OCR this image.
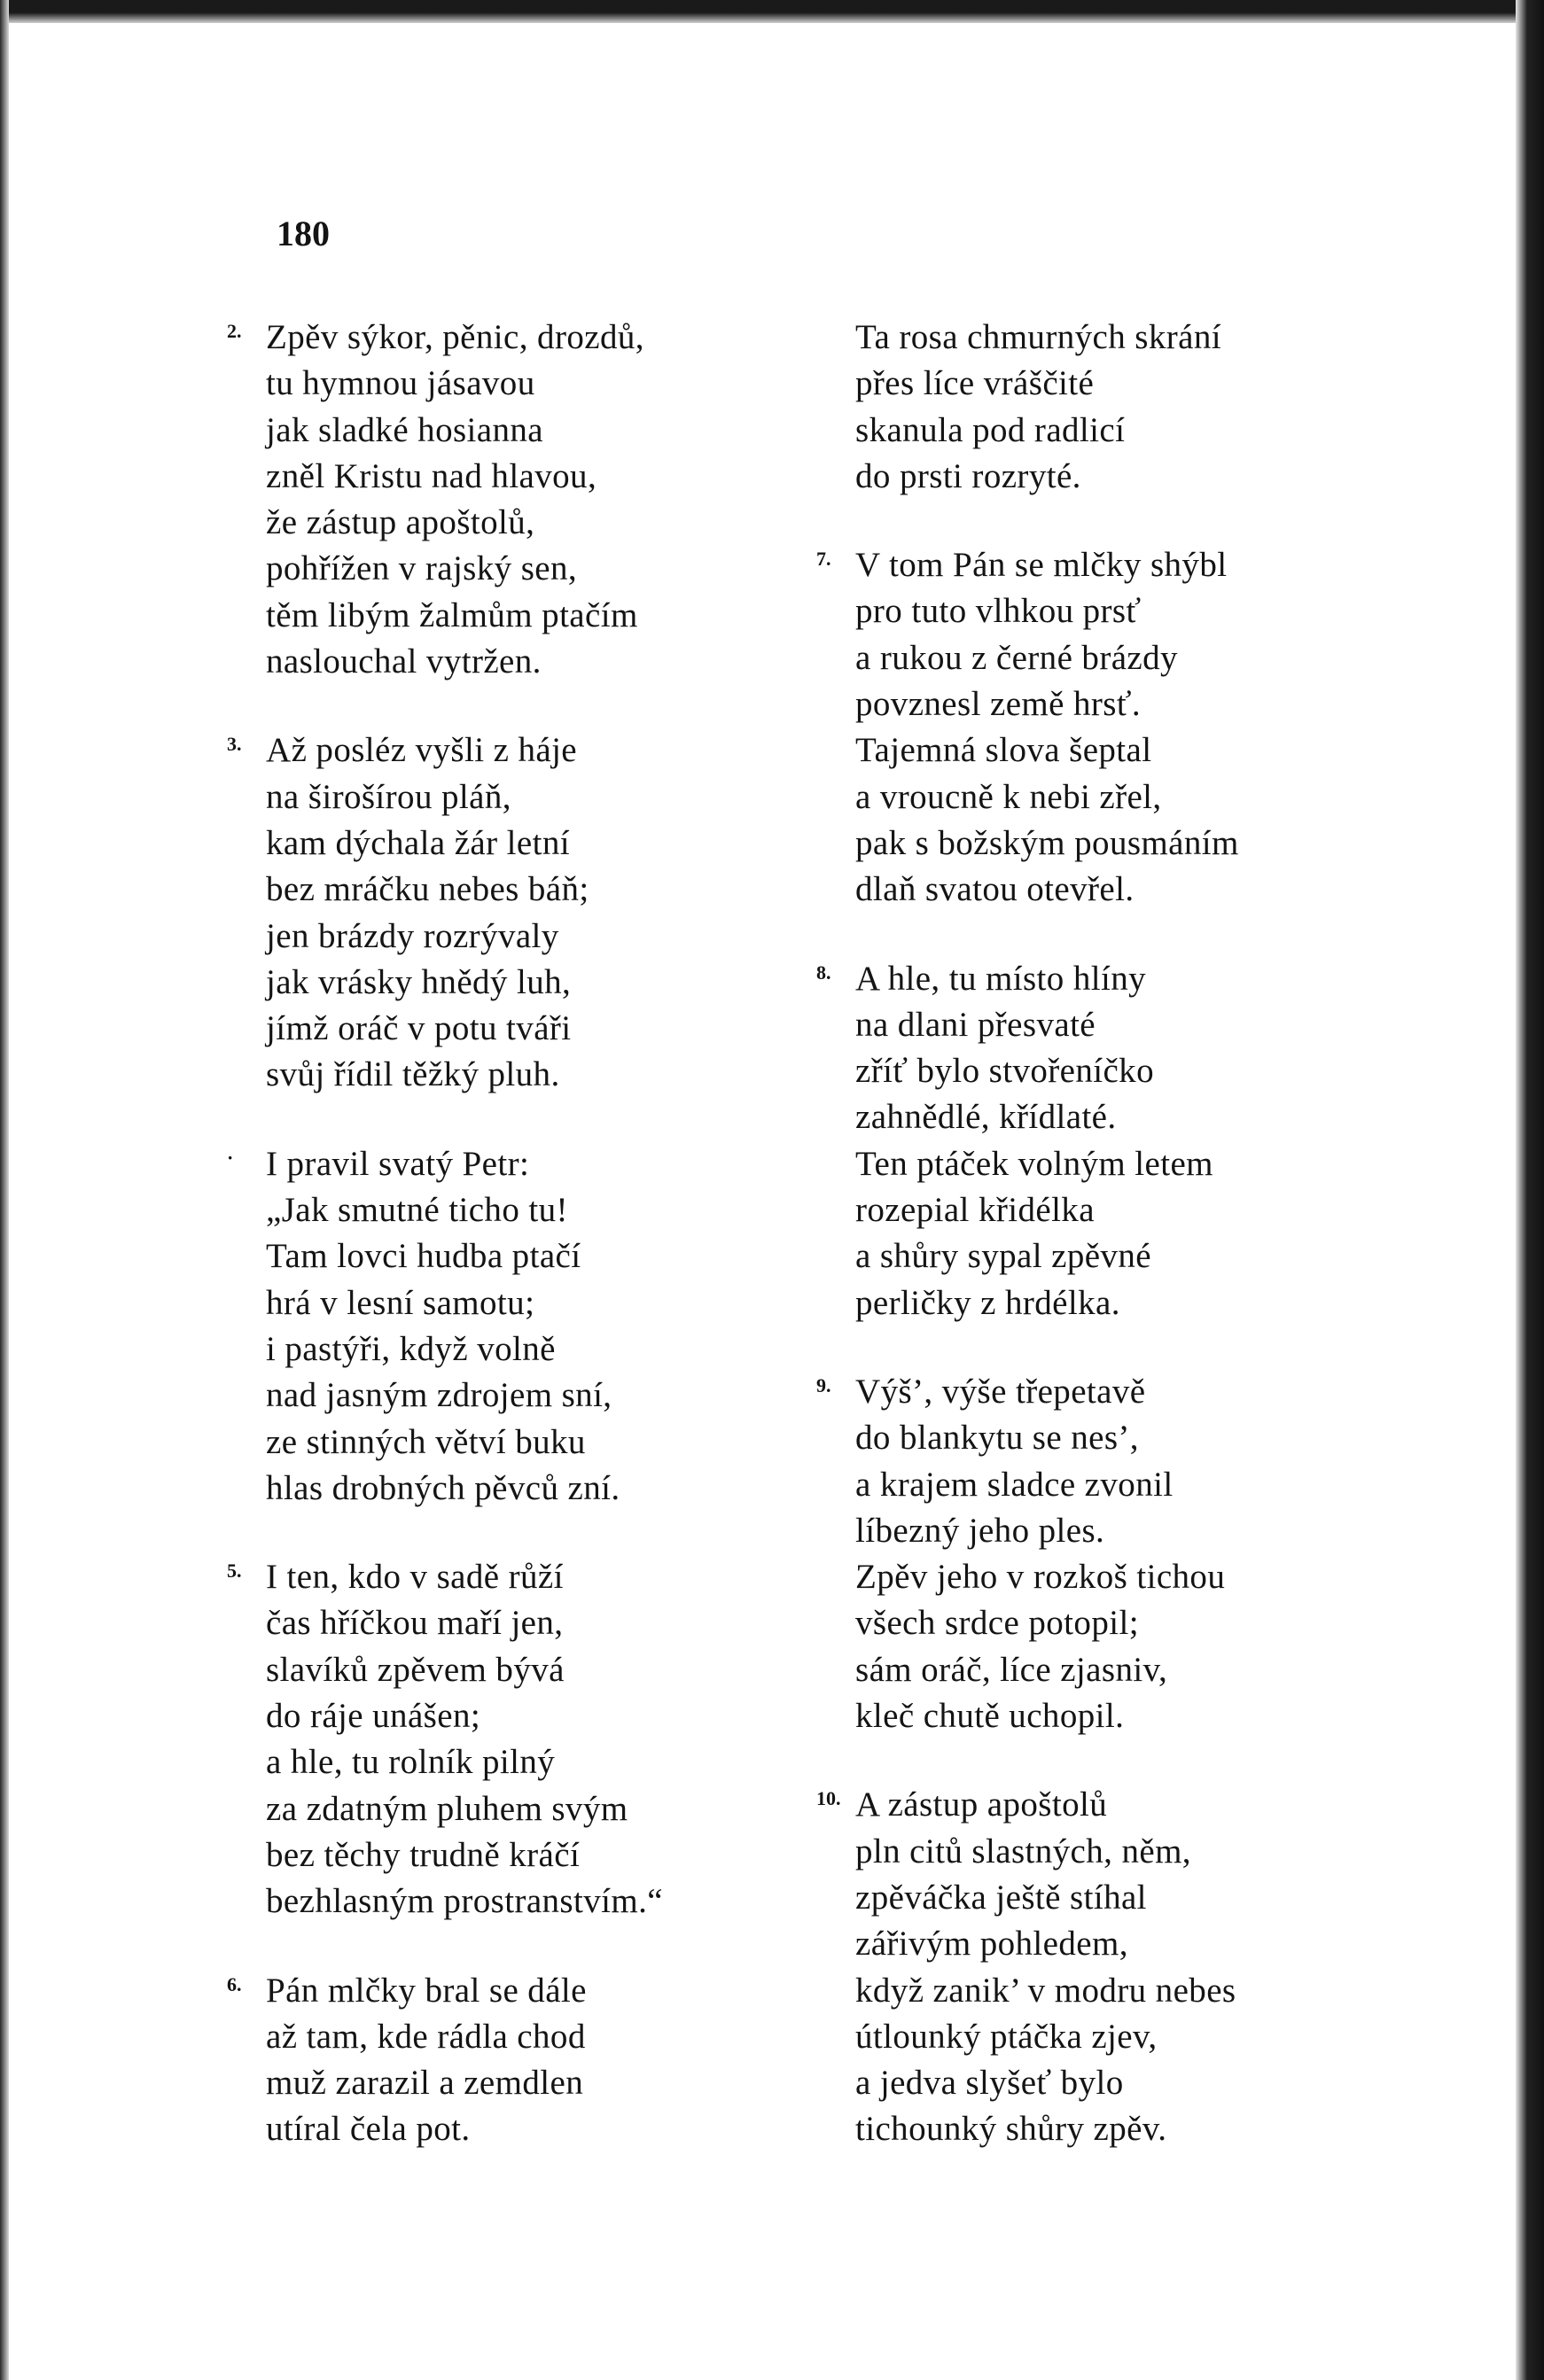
180
2. Zpěv sýkor, pěnic, drozdů,
tu hymnou jásavou
jak sladké hosianna
zněl Kristu nad hlavou,
že zástup apoštolů,
pohřížen v rajský sen,
těm libým žalmům ptačím
naslouchal vytržen.
3. Až posléz vyšli z háje
na širošírou pláň,
kam dýchala žár letní
bez mráčku nebes báň;
jen brázdy rozrývaly
jak vrásky hnědý luh,
jímž oráč v potu tváři
svůj řídil těžký pluh.
· I pravil svatý Petr:
„Jak smutné ticho tu!
Tam lovci hudba ptačí
hrá v lesní samotu;
i pastýři, když volně
nad jasným zdrojem sní,
ze stinných větví buku
hlas drobných pěvců zní.
5. I ten, kdo v sadě růží
čas hříčkou maří jen,
slavíků zpěvem bývá
do ráje unášen;
a hle, tu rolník pilný
za zdatným pluhem svým
bez těchy trudně kráčí
bezhlasným prostranstvím.“
6. Pán mlčky bral se dále
až tam, kde rádla chod
muž zarazil a zemdlen
utíral čela pot.
Ta rosa chmurných skrání
přes líce vráščité
skanula pod radlicí
do prsti rozryté.
7. V tom Pán se mlčky shýbl
pro tuto vlhkou prsť
a rukou z černé brázdy
povznesl země hrsť.
Tajemná slova šeptal
a vroucně k nebi zřel,
pak s božským pousmáním
dlaň svatou otevřel.
8. A hle, tu místo hlíny
na dlani přesvaté
zříť bylo stvořeníčko
zahnědlé, křídlaté.
Ten ptáček volným letem
rozepial křidélka
a shůry sypal zpěvné
perličky z hrdélka.
9. Výš’, výše třepetavě
do blankytu se nes’,
a krajem sladce zvonil
líbezný jeho ples.
Zpěv jeho v rozkoš tichou
všech srdce potopil;
sám oráč, líce zjasniv,
kleč chutě uchopil.
10. A zástup apoštolů
pln citů slastných, něm,
zpěváčka ještě stíhal
zářivým pohledem,
když zanik’ v modru nebes
útlounký ptáčka zjev,
a jedva slyšeť bylo
tichounký shůry zpěv.
